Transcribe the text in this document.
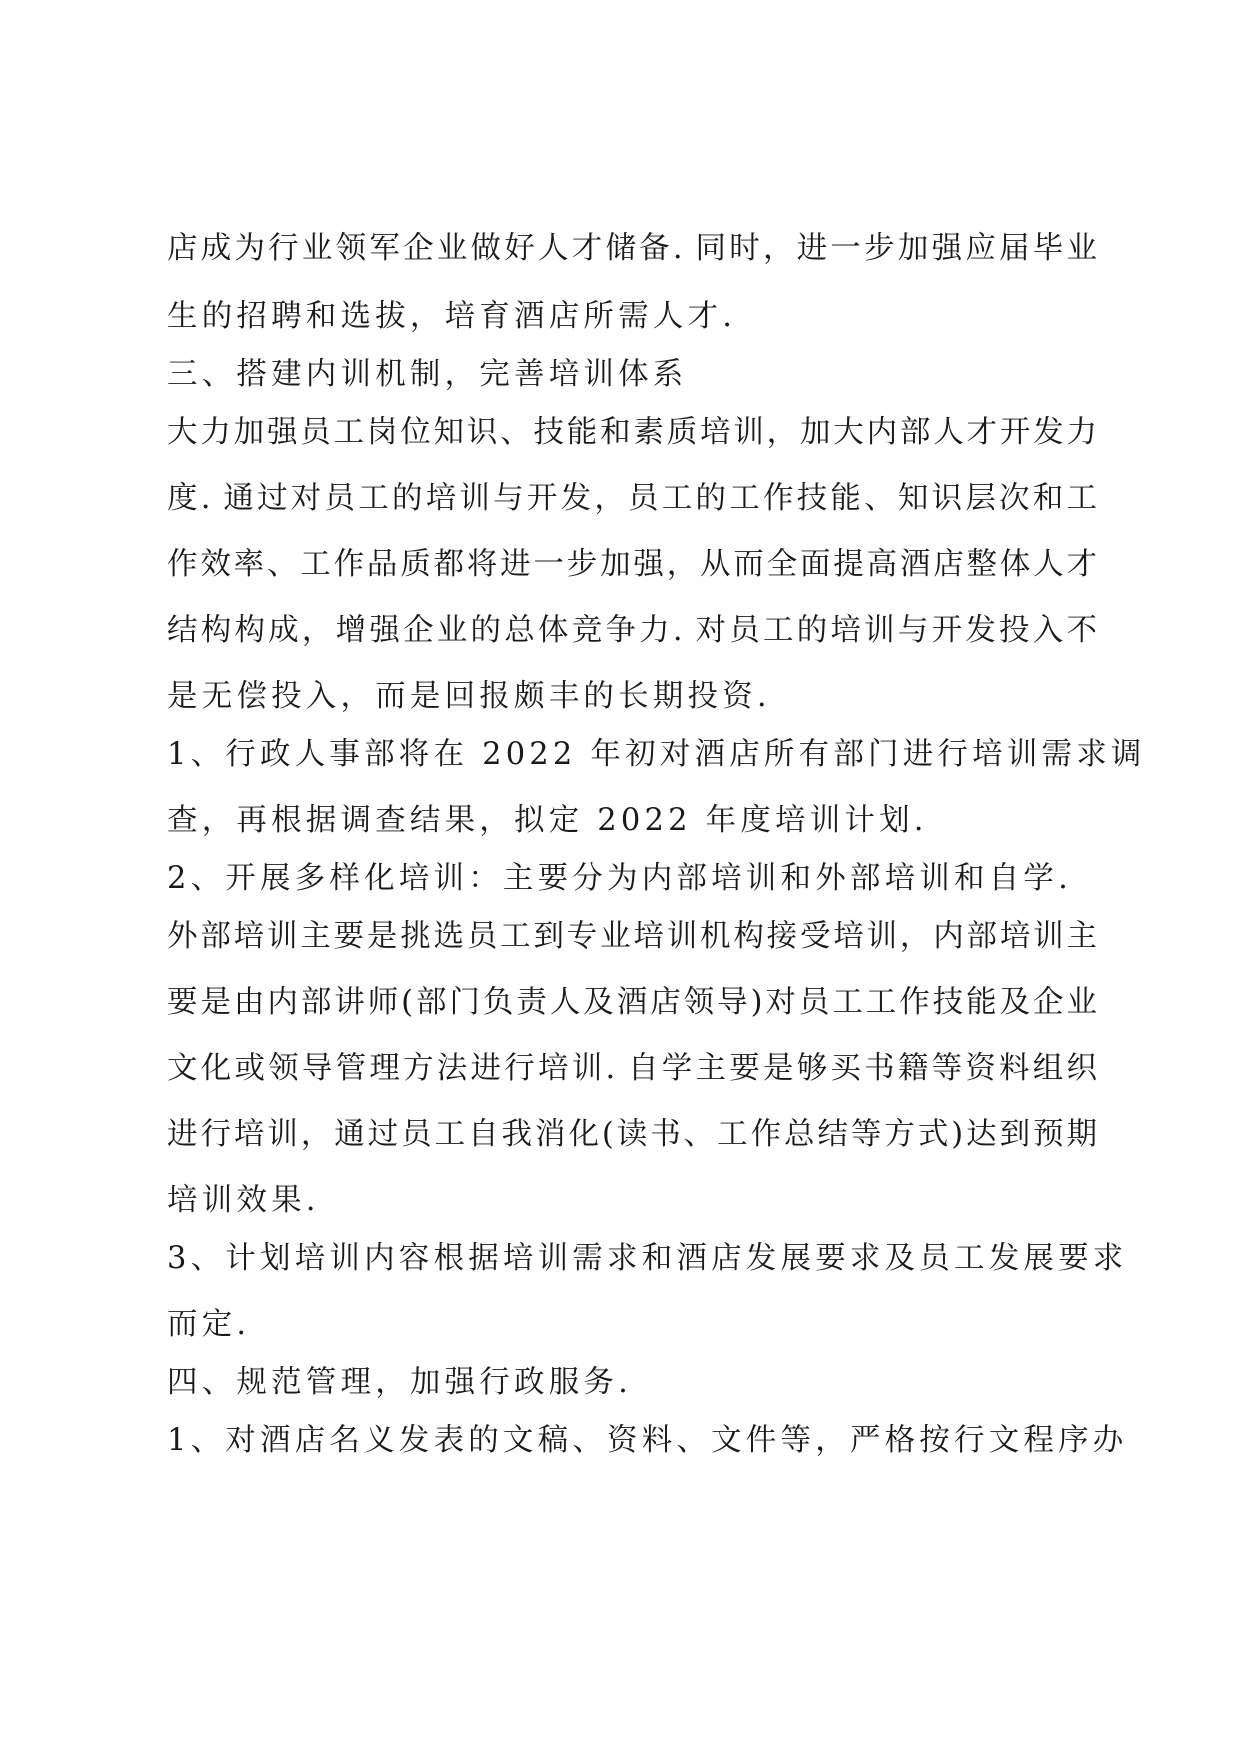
店成为行业领军企业做好人才储备. 同时，进一步加强应届毕业
生的招聘和选拔，培育酒店所需人才.
三、搭建内训机制，完善培训体系
大力加强员工岗位知识、技能和素质培训，加大内部人才开发力
度. 通过对员工的培训与开发，员工的工作技能、知识层次和工
作效率、工作品质都将进一步加强，从而全面提高酒店整体人才
结构构成，增强企业的总体竞争力. 对员工的培训与开发投入不
是无偿投入，而是回报颇丰的长期投资.
1、行政人事部将在 2022 年初对酒店所有部门进行培训需求调
查，再根据调查结果，拟定 2022 年度培训计划.
2、开展多样化培训：主要分为内部培训和外部培训和自学.
外部培训主要是挑选员工到专业培训机构接受培训，内部培训主
要是由内部讲师(部门负责人及酒店领导)对员工工作技能及企业
文化或领导管理方法进行培训. 自学主要是够买书籍等资料组织
进行培训，通过员工自我消化(读书、工作总结等方式)达到预期
培训效果.
3、计划培训内容根据培训需求和酒店发展要求及员工发展要求
而定.
四、规范管理，加强行政服务.
1、对酒店名义发表的文稿、资料、文件等，严格按行文程序办
